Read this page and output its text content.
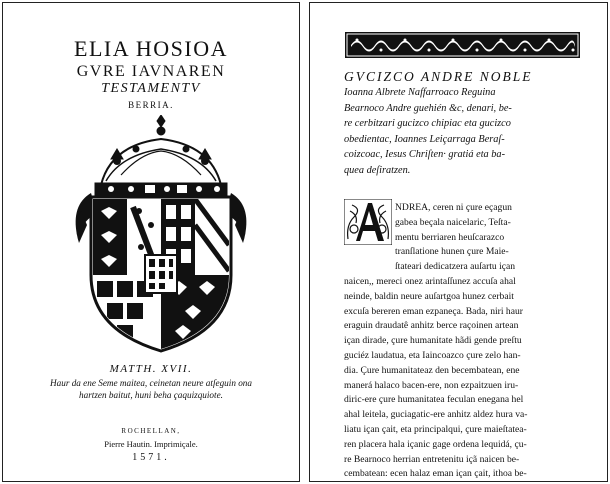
ELIA HOSIOA
GVRE IAVNAREN
TESTAMENTV
BERRIA.
MATTH. XVII.
Haur da ene Seme maitea, ceinetan neure atſeguin ona
hartzen baitut, huni beha çaquizquiote.
ROCHELLAN,
Pierre Hautin. Imprimiçale.
1571.
GVCIZCO ANDRE NOBLE
Ioanna Albrete Naffarroaco Reguina
Bearnoco Andre guehién &c, denari, be-
re cerbitzari gucizco chipiac eta gucizco
obedientac, Ioannes Leiçarraga Beraſ-
coizcoac, Iesus Chriſten· gratiá eta ba-
quea deſiratzen.
NDREA, ceren ni çure eçagun
gabea beçala naicelaric, Teſta-
mentu berriaren heuſcarazco
tranſlatione hunen çure Maie-
ſtateari dedicatzera auſartu içan
naicen,, mereci onez arintaſſunez accuſa ahal
neinde, baldin neure auſartgoa hunez cerbait
excuſa bereren eman ezpaneça. Bada, niri haur
eraguin draudatê anhitz berce raçoinen artean
içan dirade, çure humanitate hãdi gende preſtu
guciéz laudatua, eta Iaincoazco çure zelo han-
dia. Çure humanitateaz den becembatean, ene
manerá halaco bacen-ere, non ezpaitzuen iru-
diric-ere çure humanitatea feculan enegana hel
ahal leitela, guciagatic-ere anhitz aldez hura va-
liatu içan çait, eta principalqui, çure maieſtatea-
ren placera hala içanic gage ordena lequidá, çu-
re Bearnoco herrian entretenitu içã naicen be-
cembatean: ecen halaz eman içan çait, ithoa be-
